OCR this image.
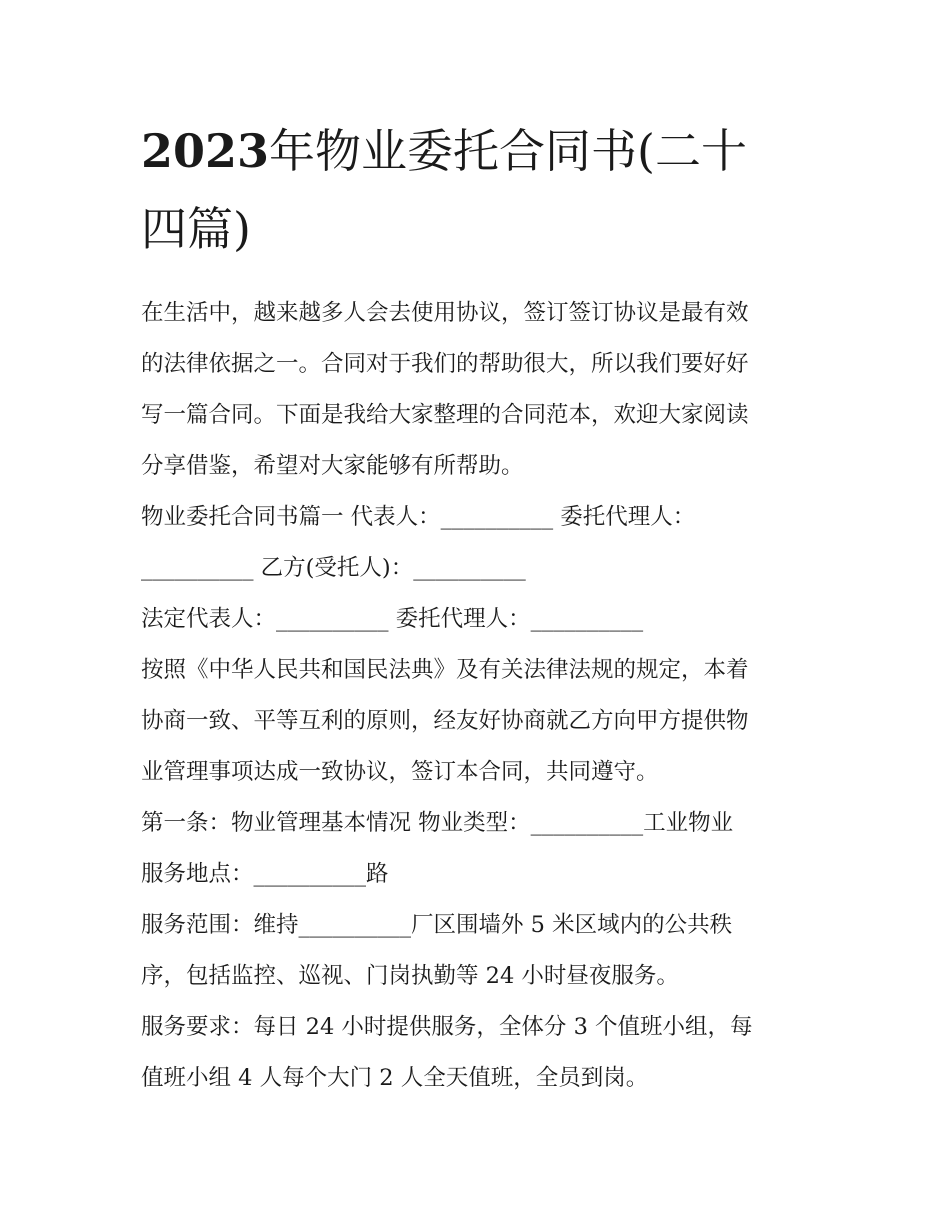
2023年物业委托合同书(二十
四篇)

在生活中，越来越多人会去使用协议，签订签订协议是最有效
的法律依据之一。合同对于我们的帮助很大，所以我们要好好
写一篇合同。下面是我给大家整理的合同范本，欢迎大家阅读
分享借鉴，希望对大家能够有所帮助。

物业委托合同书篇一 代表人：__________ 委托代理人：
__________ 乙方(受托人)：__________

法定代表人：__________ 委托代理人：__________

按照《中华人民共和国民法典》及有关法律法规的规定，本着
协商一致、平等互利的原则，经友好协商就乙方向甲方提供物
业管理事项达成一致协议，签订本合同，共同遵守。

第一条：物业管理基本情况 物业类型：__________工业物业

服务地点：__________路

服务范围：维持__________厂区围墙外 5 米区域内的公共秩
序，包括监控、巡视、门岗执勤等 24 小时昼夜服务。

服务要求：每日 24 小时提供服务，全体分 3 个值班小组，每
值班小组 4 人每个大门 2 人全天值班，全员到岗。
